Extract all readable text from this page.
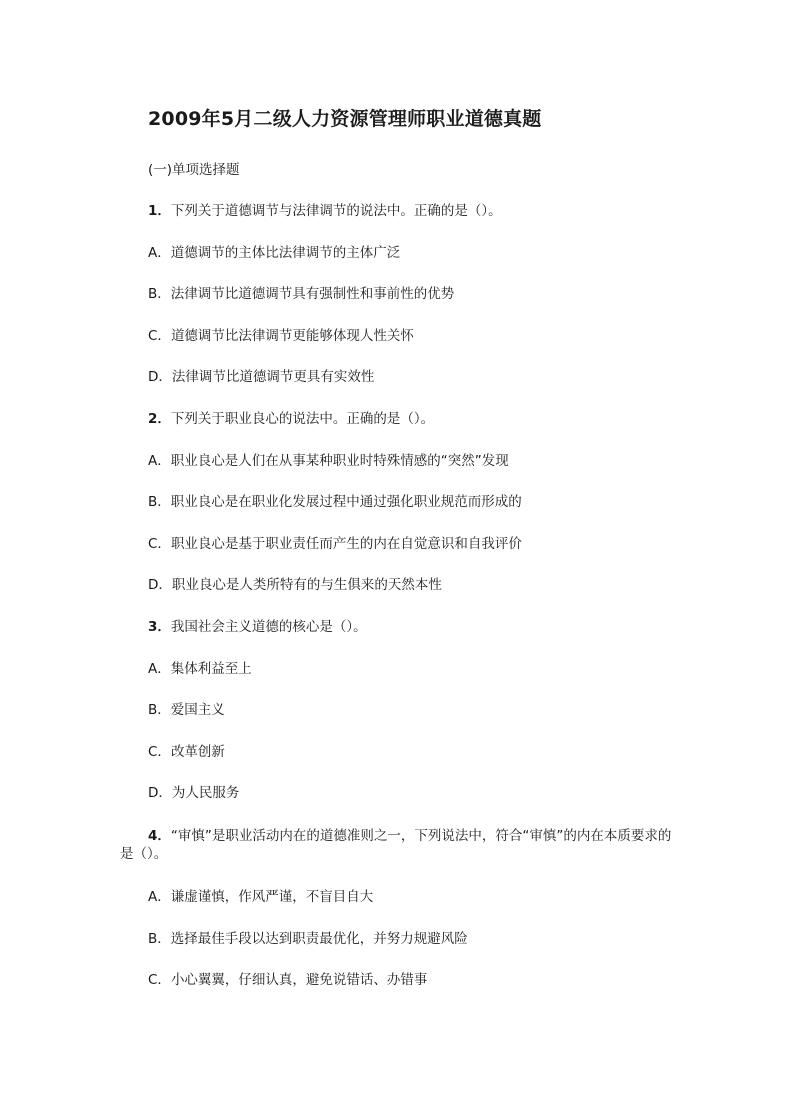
2009年5月二级人力资源管理师职业道德真题
(一)单项选择题
1．下列关于道德调节与法律调节的说法中。正确的是（）。
A．道德调节的主体比法律调节的主体广泛
B．法律调节比道德调节具有强制性和事前性的优势
C．道德调节比法律调节更能够体现人性关怀
D．法律调节比道德调节更具有实效性
2．下列关于职业良心的说法中。正确的是（）。
A．职业良心是人们在从事某种职业时特殊情感的“突然”发现
B．职业良心是在职业化发展过程中通过强化职业规范而形成的
C．职业良心是基于职业责任而产生的内在自觉意识和自我评价
D．职业良心是人类所特有的与生俱来的天然本性
3．我国社会主义道德的核心是（）。
A．集体利益至上
B．爱国主义
C．改革创新
D．为人民服务
4．“审慎”是职业活动内在的道德准则之一，下列说法中，符合“审慎”的内在本质要求的是（）。
A．谦虚谨慎，作风严谨，不盲目自大
B．选择最佳手段以达到职责最优化，并努力规避风险
C．小心翼翼，仔细认真，避免说错话、办错事
